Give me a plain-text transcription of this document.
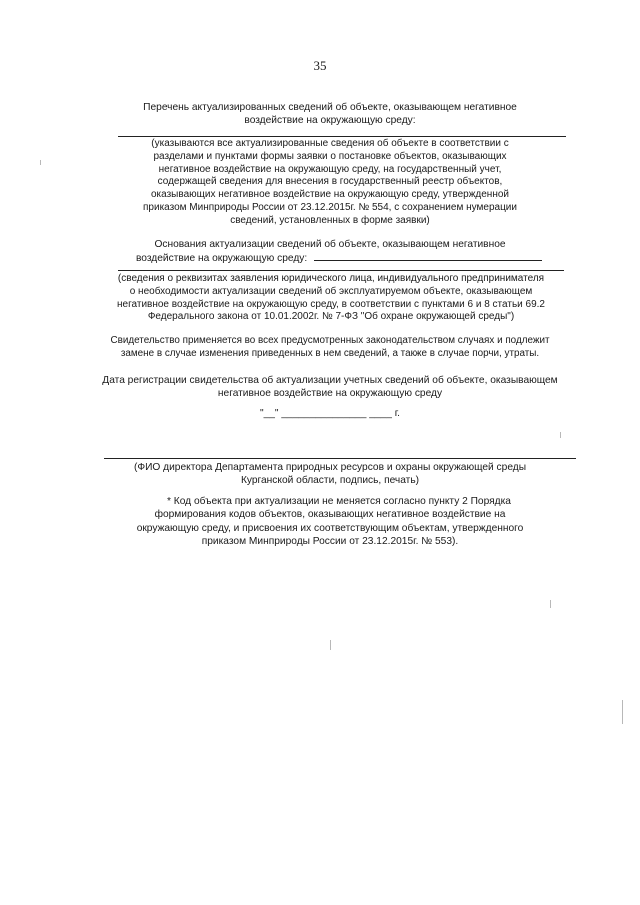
35
Перечень актуализированных сведений об объекте, оказывающем негативное
воздействие на окружающую среду:
(указываются все актуализированные сведения об объекте в соответствии с
разделами и пунктами формы заявки о постановке объектов, оказывающих
негативное воздействие на окружающую среду, на государственный учет,
содержащей сведения для внесения в государственный реестр объектов,
оказывающих негативное воздействие на окружающую среду, утвержденной
приказом Минприроды России от 23.12.2015г. № 554, с сохранением нумерации
сведений, установленных в форме заявки)
Основания актуализации сведений об объекте, оказывающем негативное
воздействие на окружающую среду:
(сведения о реквизитах заявления юридического лица, индивидуального предпринимателя
о необходимости актуализации сведений об эксплуатируемом объекте, оказывающем
негативное воздействие на окружающую среду, в соответствии с пунктами 6 и 8 статьи 69.2
Федерального закона от 10.01.2002г. № 7-ФЗ "Об охране окружающей среды")
Свидетельство применяется во всех предусмотренных законодательством случаях и подлежит
замене в случае изменения приведенных в нем сведений, а также в случае порчи, утраты.
Дата регистрации свидетельства об актуализации учетных сведений об объекте, оказывающем
негативное воздействие на окружающую среду
"__" _______________ ____ г.
(ФИО директора Департамента природных ресурсов и охраны окружающей среды
Курганской области, подпись, печать)
* Код объекта при актуализации не меняется согласно пункту 2 Порядка
формирования кодов объектов, оказывающих негативное воздействие на
окружающую среду, и присвоения их соответствующим объектам, утвержденного
приказом Минприроды России от 23.12.2015г. № 553).
